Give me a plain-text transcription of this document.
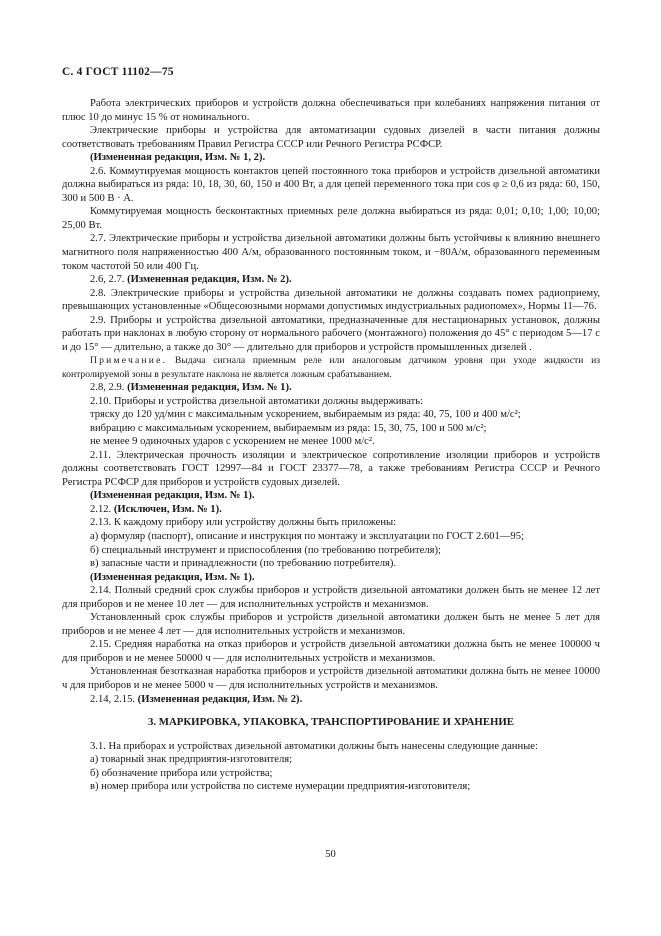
С. 4 ГОСТ 11102—75

Работа электрических приборов и устройств должна обеспечиваться при колебаниях напряжения питания от плюс 10 до минус 15 % от номинального.

Электрические приборы и устройства для автоматизации судовых дизелей в части питания должны соответствовать требованиям Правил Регистра СССР или Речного Регистра РСФСР.

(Измененная редакция, Изм. № 1, 2).

2.6. Коммутируемая мощность контактов цепей постоянного тока приборов и устройств дизельной автоматики должна выбираться из ряда: 10, 18, 30, 60, 150 и 400 Вт, а для цепей переменного тока при cos φ ≥ 0,6 из ряда: 60, 150, 300 и 500 В · А.

Коммутируемая мощность бесконтактных приемных реле должна выбираться из ряда: 0,01; 0,10; 1,00; 10,00; 25,00 Вт.

2.7. Электрические приборы и устройства дизельной автоматики должны быть устойчивы к влиянию внешнего магнитного поля напряженностью 400 А/м, образованного постоянным током, и −80А/м, образованного переменным током частотой 50 или 400 Гц.

2.6, 2.7. (Измененная редакция, Изм. № 2).

2.8. Электрические приборы и устройства дизельной автоматики не должны создавать помех радиоприему, превышающих установленные «Общесоюзными нормами допустимых индустриальных радиопомех», Нормы 11—76.

2.9. Приборы и устройства дизельной автоматики, предназначенные для нестационарных установок, должны работать при наклонах в любую сторону от нормального рабочего (монтажного) положения до 45° с периодом 5—17 с и до 15° — длительно, а также до 30° — длительно для приборов и устройств промышленных дизелей .

Примечание. Выдача сигнала приемным реле или аналоговым датчиком уровня при уходе жидкости из контролируемой зоны в результате наклона не является ложным срабатыванием.

2.8, 2.9. (Измененная редакция, Изм. № 1).

2.10. Приборы и устройства дизельной автоматики должны выдерживать:

тряску до 120 уд/мин с максимальным ускорением, выбираемым из ряда: 40, 75, 100 и 400 м/с²;

вибрацию с максимальным ускорением, выбираемым из ряда: 15, 30, 75, 100 и 500 м/с²;

не менее 9 одиночных ударов с ускорением не менее 1000 м/с².

2.11. Электрическая прочность изоляции и электрическое сопротивление изоляции приборов и устройств должны соответствовать ГОСТ 12997—84 и ГОСТ 23377—78, а также требованиям Регистра СССР и Речного Регистра РСФСР для приборов и устройств судовых дизелей.

(Измененная редакция, Изм. № 1).

2.12. (Исключен, Изм. № 1).

2.13. К каждому прибору или устройству должны быть приложены:

а) формуляр (паспорт), описание и инструкция по монтажу и эксплуатации по ГОСТ 2.601—95;

б) специальный инструмент и приспособления (по требованию потребителя);

в) запасные части и принадлежности (по требованию потребителя).

(Измененная редакция, Изм. № 1).

2.14. Полный средний срок службы приборов и устройств дизельной автоматики должен быть не менее 12 лет для приборов и не менее 10 лет — для исполнительных устройств и механизмов.

Установленный срок службы приборов и устройств дизельной автоматики должен быть не менее 5 лет для приборов и не менее 4 лет — для исполнительных устройств и механизмов.

2.15. Средняя наработка на отказ приборов и устройств дизельной автоматики должна быть не менее 100000 ч для приборов и не менее 50000 ч — для исполнительных устройств и механизмов.

Установленная безотказная наработка приборов и устройств дизельной автоматики должна быть не менее 10000 ч для приборов и не менее 5000 ч — для исполнительных устройств и механизмов.

2.14, 2.15. (Измененная редакция, Изм. № 2).

3. МАРКИРОВКА, УПАКОВКА, ТРАНСПОРТИРОВАНИЕ И ХРАНЕНИЕ

3.1. На приборах и устройствах дизельной автоматики должны быть нанесены следующие данные:

а) товарный знак предприятия-изготовителя;

б) обозначение прибора или устройства;

в) номер прибора или устройства по системе нумерации предприятия-изготовителя;

50
